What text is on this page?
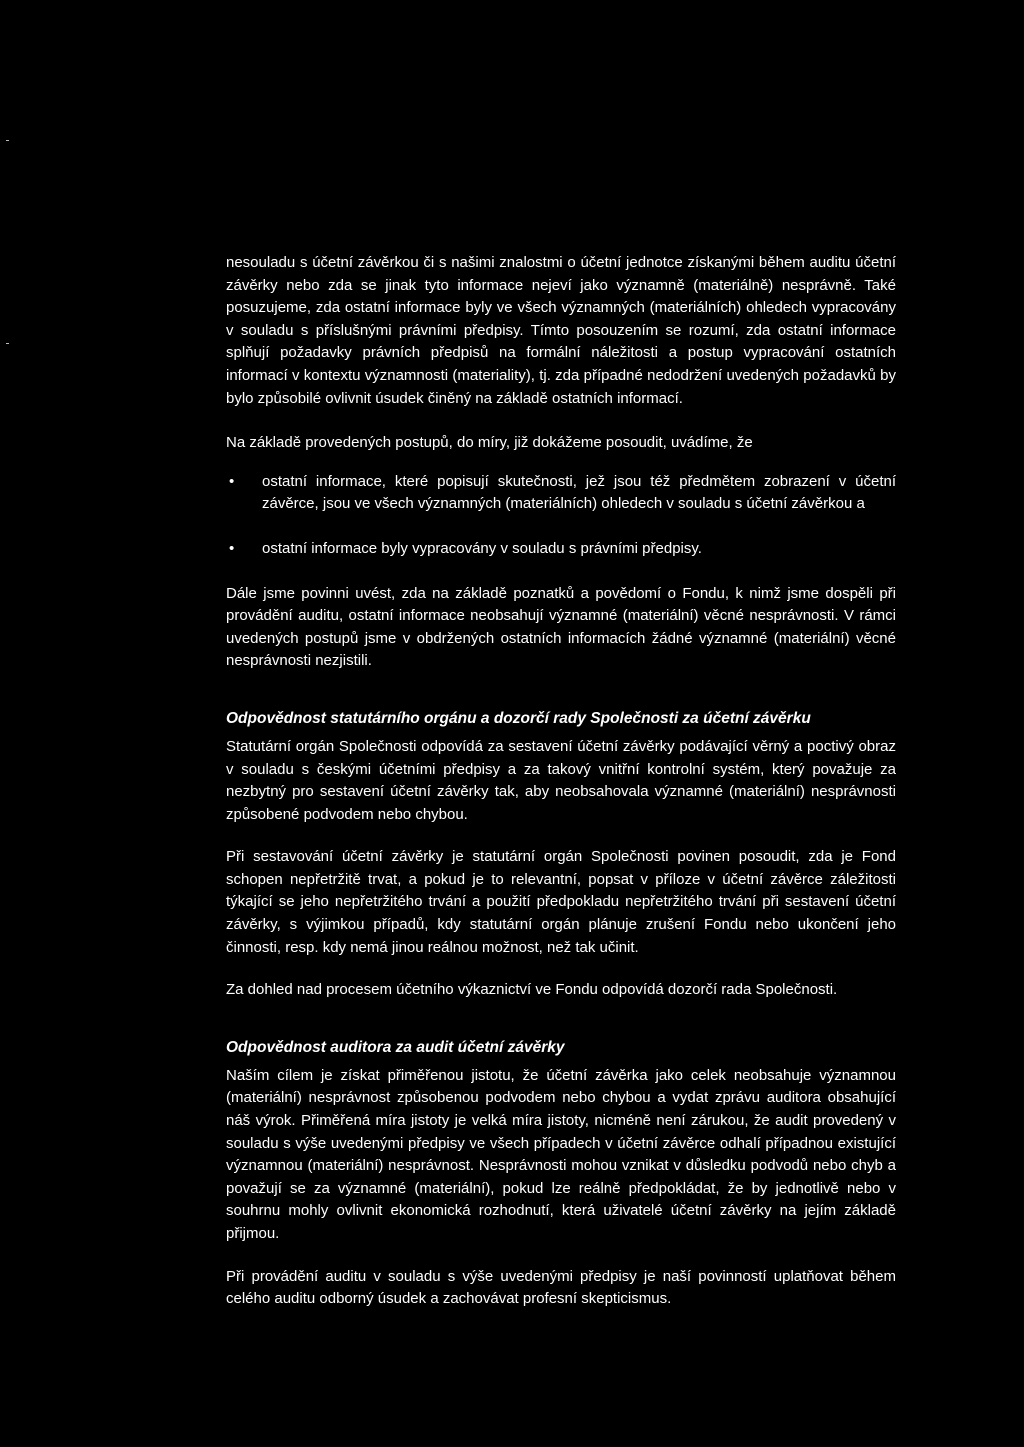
nesouladu s účetní závěrkou či s našimi znalostmi o účetní jednotce získanými během auditu účetní závěrky nebo zda se jinak tyto informace nejeví jako významně (materiálně) nesprávně. Také posuzujeme, zda ostatní informace byly ve všech významných (materiálních) ohledech vypracovány v souladu s příslušnými právními předpisy. Tímto posouzením se rozumí, zda ostatní informace splňují požadavky právních předpisů na formální náležitosti a postup vypracování ostatních informací v kontextu významnosti (materiality), tj. zda případné nedodržení uvedených požadavků by bylo způsobilé ovlivnit úsudek činěný na základě ostatních informací.

Na základě provedených postupů, do míry, již dokážeme posoudit, uvádíme, že

• ostatní informace, které popisují skutečnosti, jež jsou též předmětem zobrazení v účetní závěrce, jsou ve všech významných (materiálních) ohledech v souladu s účetní závěrkou a
• ostatní informace byly vypracovány v souladu s právními předpisy.

Dále jsme povinni uvést, zda na základě poznatků a povědomí o Fondu, k nimž jsme dospěli při provádění auditu, ostatní informace neobsahují významné (materiální) věcné nesprávnosti. V rámci uvedených postupů jsme v obdržených ostatních informacích žádné významné (materiální) věcné nesprávnosti nezjistili.

Odpovědnost statutárního orgánu a dozorčí rady Společnosti za účetní závěrku

Statutární orgán Společnosti odpovídá za sestavení účetní závěrky podávající věrný a poctivý obraz v souladu s českými účetními předpisy a za takový vnitřní kontrolní systém, který považuje za nezbytný pro sestavení účetní závěrky tak, aby neobsahovala významné (materiální) nesprávnosti způsobené podvodem nebo chybou.

Při sestavování účetní závěrky je statutární orgán Společnosti povinen posoudit, zda je Fond schopen nepřetržitě trvat, a pokud je to relevantní, popsat v příloze v účetní závěrce záležitosti týkající se jeho nepřetržitého trvání a použití předpokladu nepřetržitého trvání při sestavení účetní závěrky, s výjimkou případů, kdy statutární orgán plánuje zrušení Fondu nebo ukončení jeho činnosti, resp. kdy nemá jinou reálnou možnost, než tak učinit.

Za dohled nad procesem účetního výkaznictví ve Fondu odpovídá dozorčí rada Společnosti.

Odpovědnost auditora za audit účetní závěrky

Naším cílem je získat přiměřenou jistotu, že účetní závěrka jako celek neobsahuje významnou (materiální) nesprávnost způsobenou podvodem nebo chybou a vydat zprávu auditora obsahující náš výrok. Přiměřená míra jistoty je velká míra jistoty, nicméně není zárukou, že audit provedený v souladu s výše uvedenými předpisy ve všech případech v účetní závěrce odhalí případnou existující významnou (materiální) nesprávnost. Nesprávnosti mohou vznikat v důsledku podvodů nebo chyb a považují se za významné (materiální), pokud lze reálně předpokládat, že by jednotlivě nebo v souhrnu mohly ovlivnit ekonomická rozhodnutí, která uživatelé účetní závěrky na jejím základě přijmou.

Při provádění auditu v souladu s výše uvedenými předpisy je naší povinností uplatňovat během celého auditu odborný úsudek a zachovávat profesní skepticismus.
